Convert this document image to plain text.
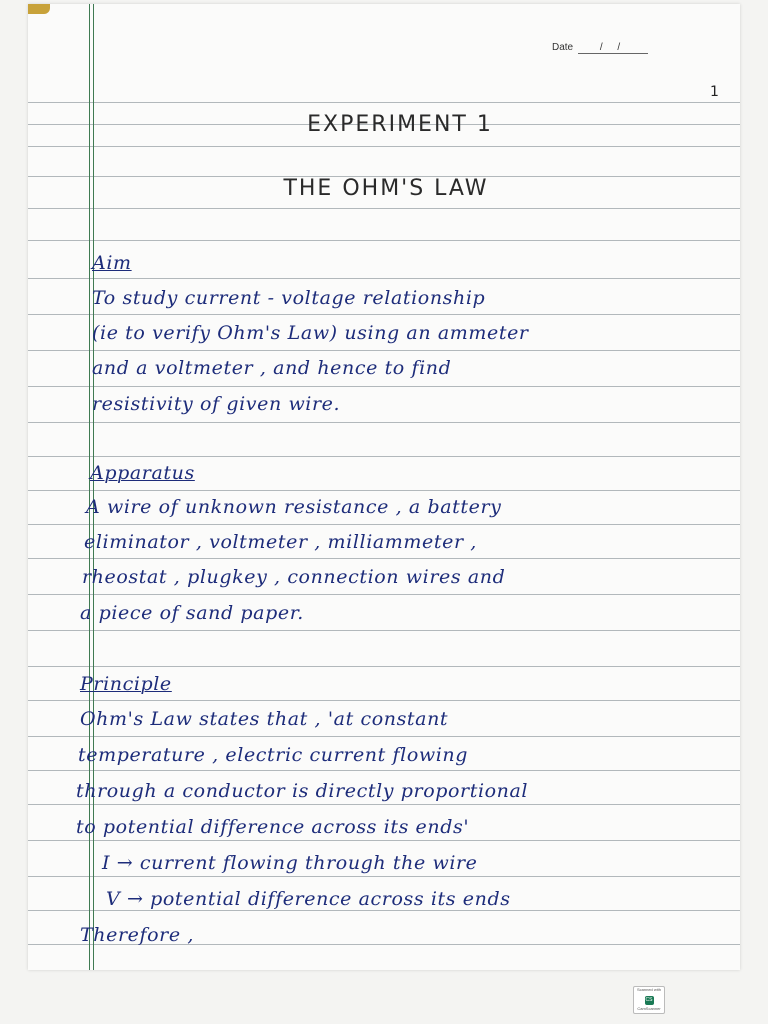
Date	/ /
1
EXPERIMENT 1
THE OHM'S LAW
Aim
To study current - voltage relationship
(ie to verify Ohm's Law) using an ammeter
and a voltmeter , and hence to find
resistivity of given wire.
Apparatus
A wire of unknown resistance , a battery
eliminator , voltmeter , milliammeter ,
rheostat , plugkey , connection wires and
a piece of sand paper.
Principle
Ohm's Law states that , 'at constant
temperature , electric current flowing
through a conductor is directly proportional
to potential difference across its ends'
I → current flowing through the wire
V → potential difference across its ends
Therefore ,
Scanned with
CS
CamScanner
